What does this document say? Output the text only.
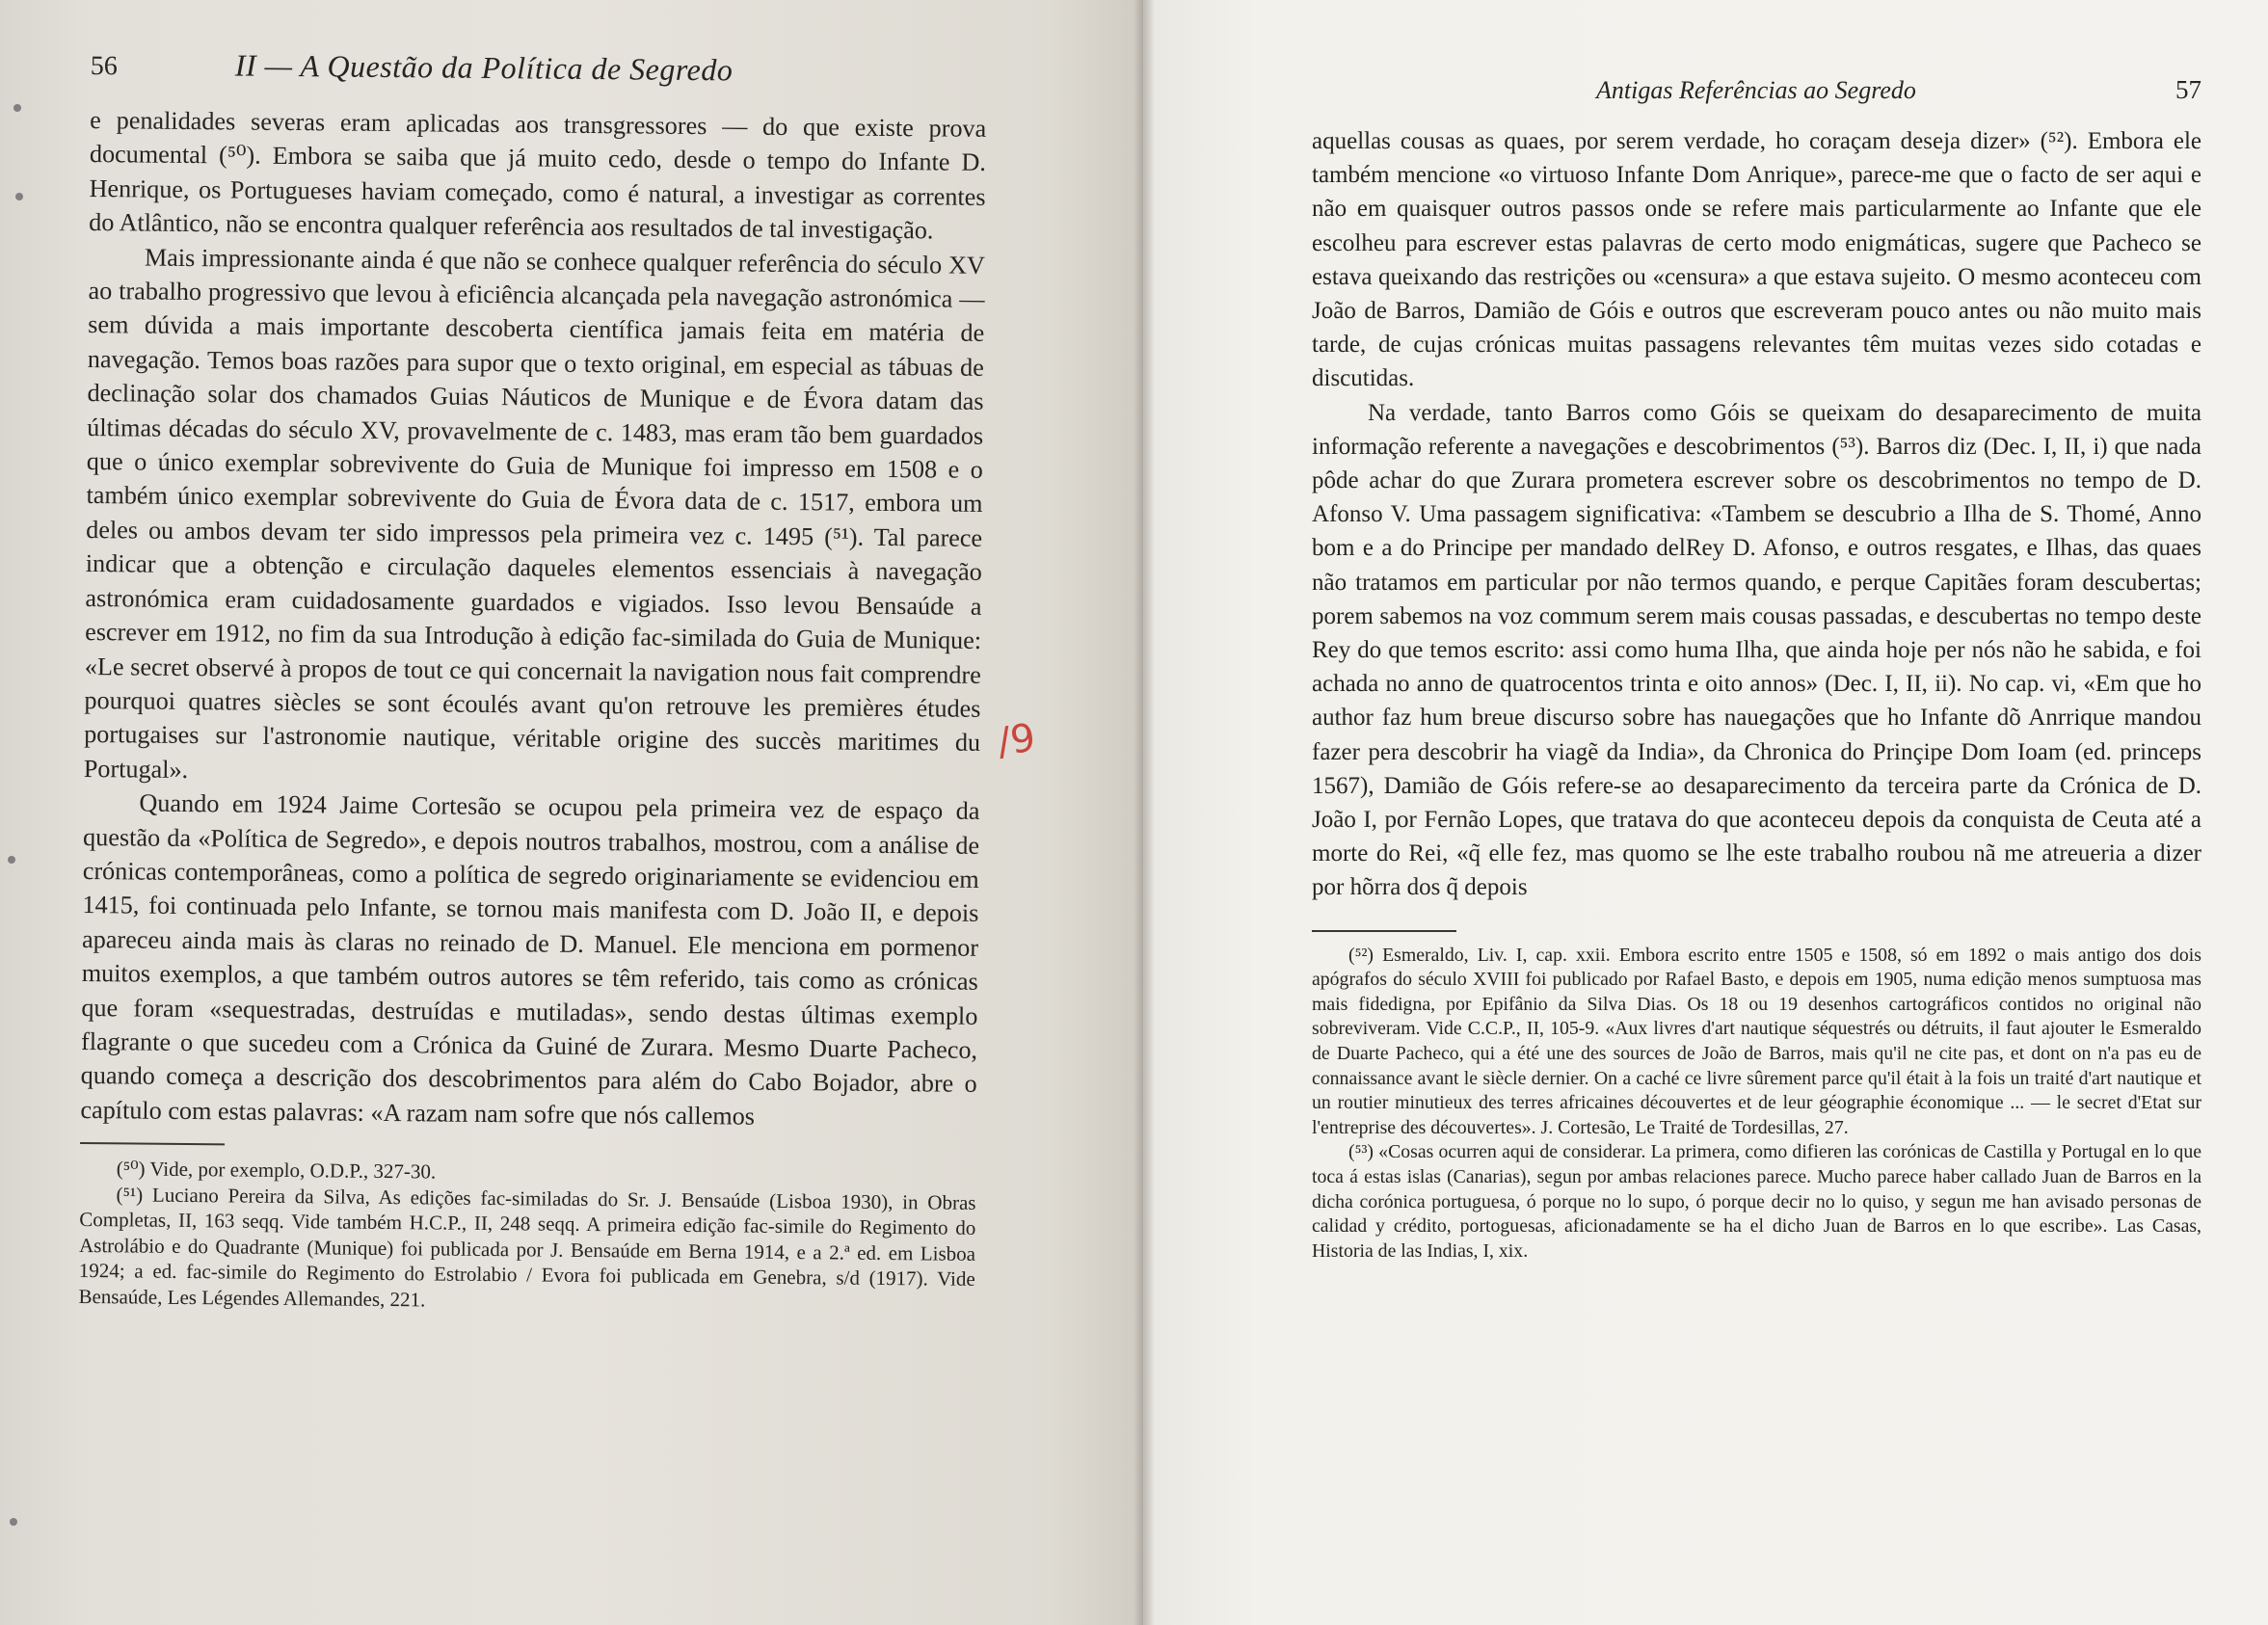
56	II — A Questão da Política de Segredo

e penalidades severas eram aplicadas aos transgressores — do que existe prova documental (⁵⁰). Embora se saiba que já muito cedo, desde o tempo do Infante D. Henrique, os Portugueses haviam começado, como é natural, a investigar as correntes do Atlântico, não se encontra qualquer referência aos resultados de tal investigação.

Mais impressionante ainda é que não se conhece qualquer referência do século XV ao trabalho progressivo que levou à eficiência alcançada pela navegação astronómica — sem dúvida a mais importante descoberta científica jamais feita em matéria de navegação. Temos boas razões para supor que o texto original, em especial as tábuas de declinação solar dos chamados Guias Náuticos de Munique e de Évora datam das últimas décadas do século XV, provavelmente de c. 1483, mas eram tão bem guardados que o único exemplar sobrevivente do Guia de Munique foi impresso em 1508 e o também único exemplar sobrevivente do Guia de Évora data de c. 1517, embora um deles ou ambos devam ter sido impressos pela primeira vez c. 1495 (⁵¹). Tal parece indicar que a obtenção e circulação daqueles elementos essenciais à navegação astronómica eram cuidadosamente guardados e vigiados. Isso levou Bensaúde a escrever em 1912, no fim da sua Introdução à edição fac-similada do Guia de Munique: «Le secret observé à propos de tout ce qui concernait la navigation nous fait comprendre pourquoi quatres siècles se sont écoulés avant qu'on retrouve les premières études portugaises sur l'astronomie nautique, véritable origine des succès maritimes du Portugal».

Quando em 1924 Jaime Cortesão se ocupou pela primeira vez de espaço da questão da «Política de Segredo», e depois noutros trabalhos, mostrou, com a análise de crónicas contemporâneas, como a política de segredo originariamente se evidenciou em 1415, foi continuada pelo Infante, se tornou mais manifesta com D. João II, e depois apareceu ainda mais às claras no reinado de D. Manuel. Ele menciona em pormenor muitos exemplos, a que também outros autores se têm referido, tais como as crónicas que foram «sequestradas, destruídas e mutiladas», sendo destas últimas exemplo flagrante o que sucedeu com a Crónica da Guiné de Zurara. Mesmo Duarte Pacheco, quando começa a descrição dos descobrimentos para além do Cabo Bojador, abre o capítulo com estas palavras: «A razam nam sofre que nós callemos

(⁵⁰) Vide, por exemplo, O.D.P., 327-30.

(⁵¹) Luciano Pereira da Silva, As edições fac-similadas do Sr. J. Bensaúde (Lisboa 1930), in Obras Completas, II, 163 seqq. Vide também H.C.P., II, 248 seqq. A primeira edição fac-simile do Regimento do Astrolábio e do Quadrante (Munique) foi publicada por J. Bensaúde em Berna 1914, e a 2.ª ed. em Lisboa 1924; a ed. fac-simile do Regimento do Estrolabio / Evora foi publicada em Genebra, s/d (1917). Vide Bensaúde, Les Légendes Allemandes, 221.

/9
Antigas Referências ao Segredo	57

aquellas cousas as quaes, por serem verdade, ho coraçam deseja dizer» (⁵²). Embora ele também mencione «o virtuoso Infante Dom Anrique», parece-me que o facto de ser aqui e não em quaisquer outros passos onde se refere mais particularmente ao Infante que ele escolheu para escrever estas palavras de certo modo enigmáticas, sugere que Pacheco se estava queixando das restrições ou «censura» a que estava sujeito. O mesmo aconteceu com João de Barros, Damião de Góis e outros que escreveram pouco antes ou não muito mais tarde, de cujas crónicas muitas passagens relevantes têm muitas vezes sido cotadas e discutidas.

Na verdade, tanto Barros como Góis se queixam do desaparecimento de muita informação referente a navegações e descobrimentos (⁵³). Barros diz (Dec. I, II, i) que nada pôde achar do que Zurara prometera escrever sobre os descobrimentos no tempo de D. Afonso V. Uma passagem significativa: «Tambem se descubrio a Ilha de S. Thomé, Anno bom e a do Principe per mandado delRey D. Afonso, e outros resgates, e Ilhas, das quaes não tratamos em particular por não termos quando, e perque Capitães foram descubertas; porem sabemos na voz commum serem mais cousas passadas, e descubertas no tempo deste Rey do que temos escrito: assi como huma Ilha, que ainda hoje per nós não he sabida, e foi achada no anno de quatrocentos trinta e oito annos» (Dec. I, II, ii). No cap. vi, «Em que ho author faz hum breue discurso sobre has nauegações que ho Infante dõ Anrrique mandou fazer pera descobrir ha viagẽ da India», da Chronica do Prinçipe Dom Ioam (ed. princeps 1567), Damião de Góis refere-se ao desaparecimento da terceira parte da Crónica de D. João I, por Fernão Lopes, que tratava do que aconteceu depois da conquista de Ceuta até a morte do Rei, «q̃ elle fez, mas quomo se lhe este trabalho roubou nã me atreueria a dizer por hõrra dos q̃ depois

(⁵²) Esmeraldo, Liv. I, cap. xxii. Embora escrito entre 1505 e 1508, só em 1892 o mais antigo dos dois apógrafos do século XVIII foi publicado por Rafael Basto, e depois em 1905, numa edição menos sumptuosa mas mais fidedigna, por Epifânio da Silva Dias. Os 18 ou 19 desenhos cartográficos contidos no original não sobreviveram. Vide C.C.P., II, 105-9. «Aux livres d'art nautique séquestrés ou détruits, il faut ajouter le Esmeraldo de Duarte Pacheco, qui a été une des sources de João de Barros, mais qu'il ne cite pas, et dont on n'a pas eu de connaissance avant le siècle dernier. On a caché ce livre sûrement parce qu'il était à la fois un traité d'art nautique et un routier minutieux des terres africaines découvertes et de leur géographie économique ... — le secret d'Etat sur l'entreprise des découvertes». J. Cortesão, Le Traité de Tordesillas, 27.

(⁵³) «Cosas ocurren aqui de considerar. La primera, como difieren las corónicas de Castilla y Portugal en lo que toca á estas islas (Canarias), segun por ambas relaciones parece. Mucho parece haber callado Juan de Barros en la dicha corónica portuguesa, ó porque no lo supo, ó porque decir no lo quiso, y segun me han avisado personas de calidad y crédito, portoguesas, aficionadamente se ha el dicho Juan de Barros en lo que escribe». Las Casas, Historia de las Indias, I, xix.
